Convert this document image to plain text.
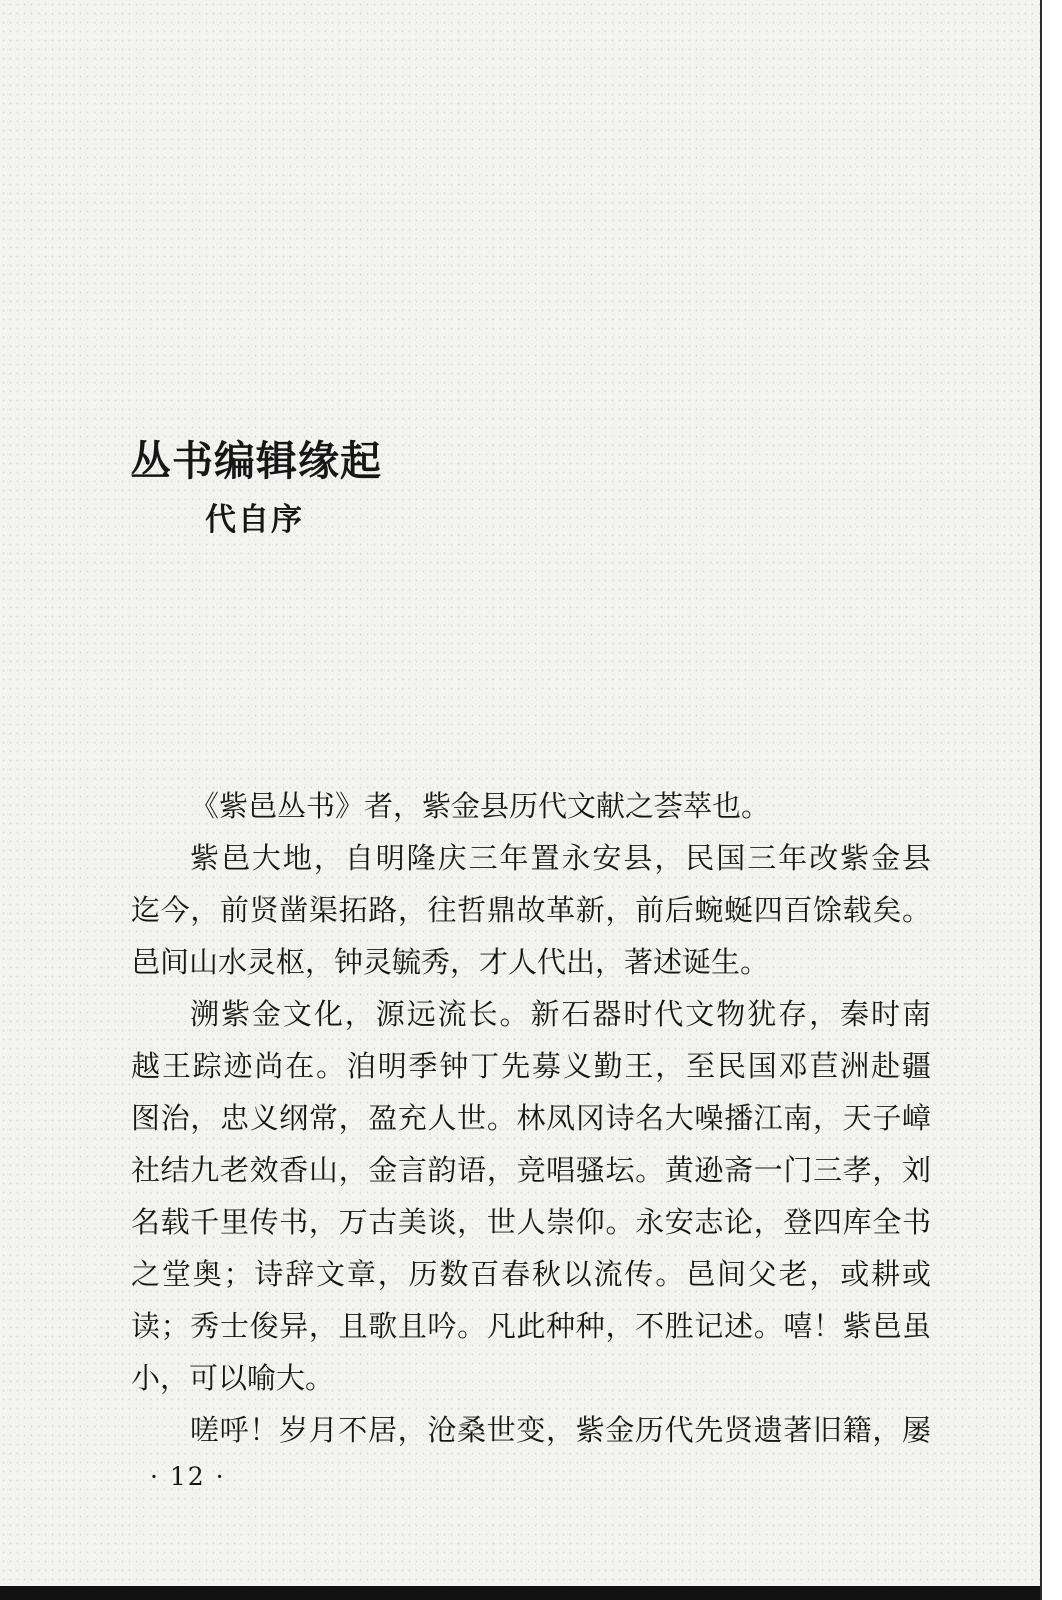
丛书编辑缘起
代自序
《紫邑丛书》者，紫金县历代文献之荟萃也。
紫邑大地，自明隆庆三年置永安县，民国三年改紫金县
迄今，前贤凿渠拓路，往哲鼎故革新，前后蜿蜒四百馀载矣。
邑间山水灵枢，钟灵毓秀，才人代出，著述诞生。
溯紫金文化，源远流长。新石器时代文物犹存，秦时南
越王踪迹尚在。洎明季钟丁先募义勤王，至民国邓苣洲赴疆
图治，忠义纲常，盈充人世。林凤冈诗名大噪播江南，天子嶂
社结九老效香山，金言韵语，竞唱骚坛。黄逊斋一门三孝，刘
名载千里传书，万古美谈，世人崇仰。永安志论，登四库全书
之堂奥；诗辞文章，历数百春秋以流传。邑间父老，或耕或
读；秀士俊异，且歌且吟。凡此种种，不胜记述。嘻！紫邑虽
小，可以喻大。
嗟呼！岁月不居，沧桑世变，紫金历代先贤遗著旧籍，屡
· 12 ·
